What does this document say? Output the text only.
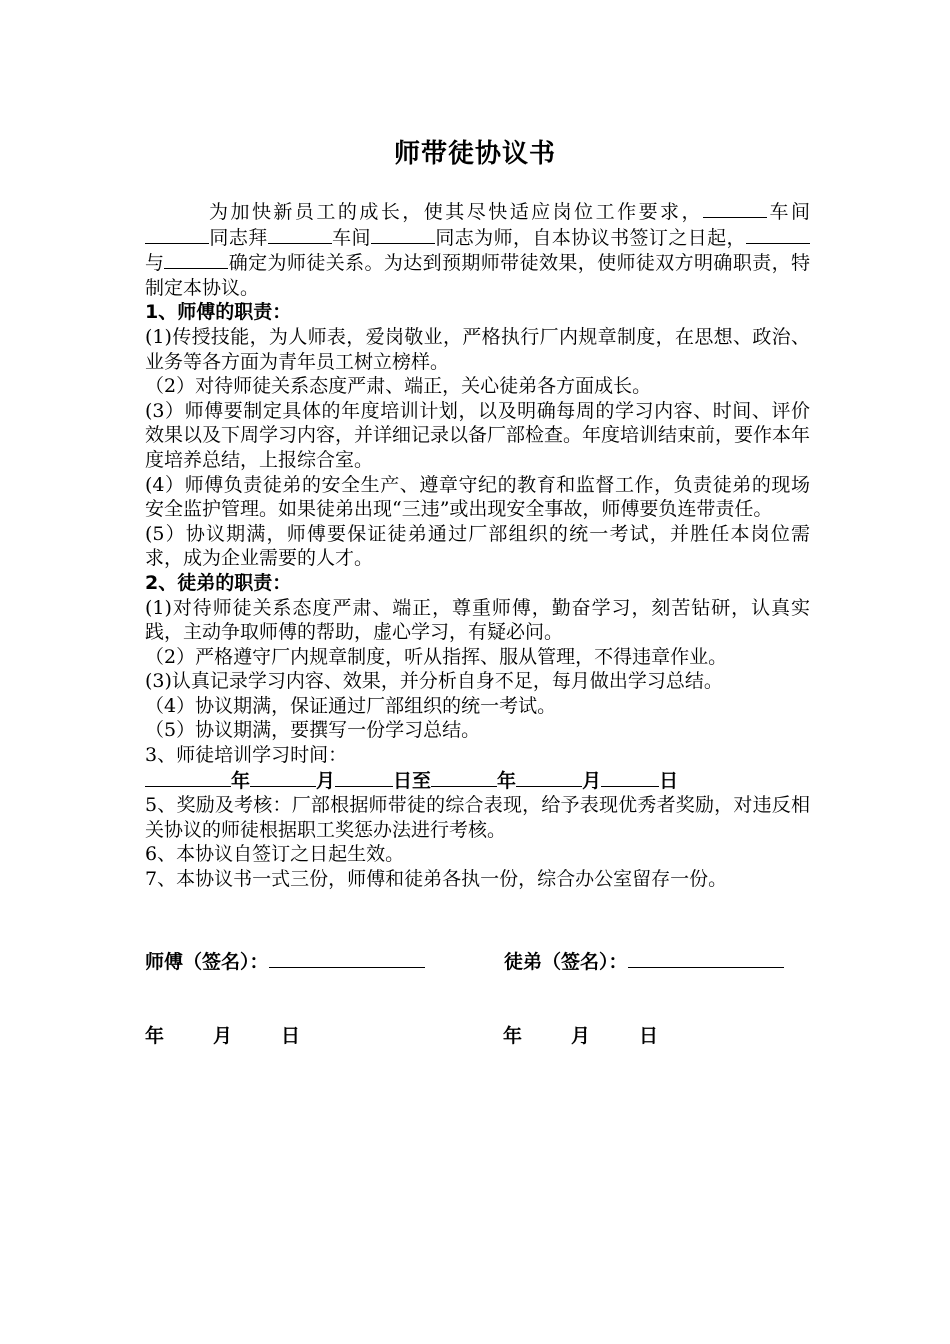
师带徒协议书

为加快新员工的成长，使其尽快适应岗位工作要求，	车间同志拜	车间	同志为师，自本协议书签订之日起，与	确定为师徒关系。为达到预期师带徒效果，使师徒双方明确职责，特制定本协议。

1、师傅的职责：

(1)传授技能，为人师表，爱岗敬业，严格执行厂内规章制度，在思想、政治、业务等各方面为青年员工树立榜样。

（2）对待师徒关系态度严肃、端正，关心徒弟各方面成长。

(3）师傅要制定具体的年度培训计划，以及明确每周的学习内容、时间、评价效果以及下周学习内容，并详细记录以备厂部检查。年度培训结束前，要作本年度培养总结，上报综合室。

(4）师傅负责徒弟的安全生产、遵章守纪的教育和监督工作，负责徒弟的现场安全监护管理。如果徒弟出现“三违”或出现安全事故，师傅要负连带责任。

(5）协议期满，师傅要保证徒弟通过厂部组织的统一考试，并胜任本岗位需求，成为企业需要的人才。

2、徒弟的职责：

(1)对待师徒关系态度严肃、端正，尊重师傅，勤奋学习，刻苦钻研，认真实践，主动争取师傅的帮助，虚心学习，有疑必问。

（2）严格遵守厂内规章制度，听从指挥、服从管理，不得违章作业。

(3)认真记录学习内容、效果，并分析自身不足，每月做出学习总结。

（4）协议期满，保证通过厂部组织的统一考试。

（5）协议期满，要撰写一份学习总结。

3、师徒培训学习时间：

年	月	日至	年	月	日

5、奖励及考核：厂部根据师带徒的综合表现，给予表现优秀者奖励，对违反相关协议的师徒根据职工奖惩办法进行考核。

6、本协议自签订之日起生效。

7、本协议书一式三份，师傅和徒弟各执一份，综合办公室留存一份。

师傅（签名）：	徒弟（签名）：
年	月	日	年	月	日
